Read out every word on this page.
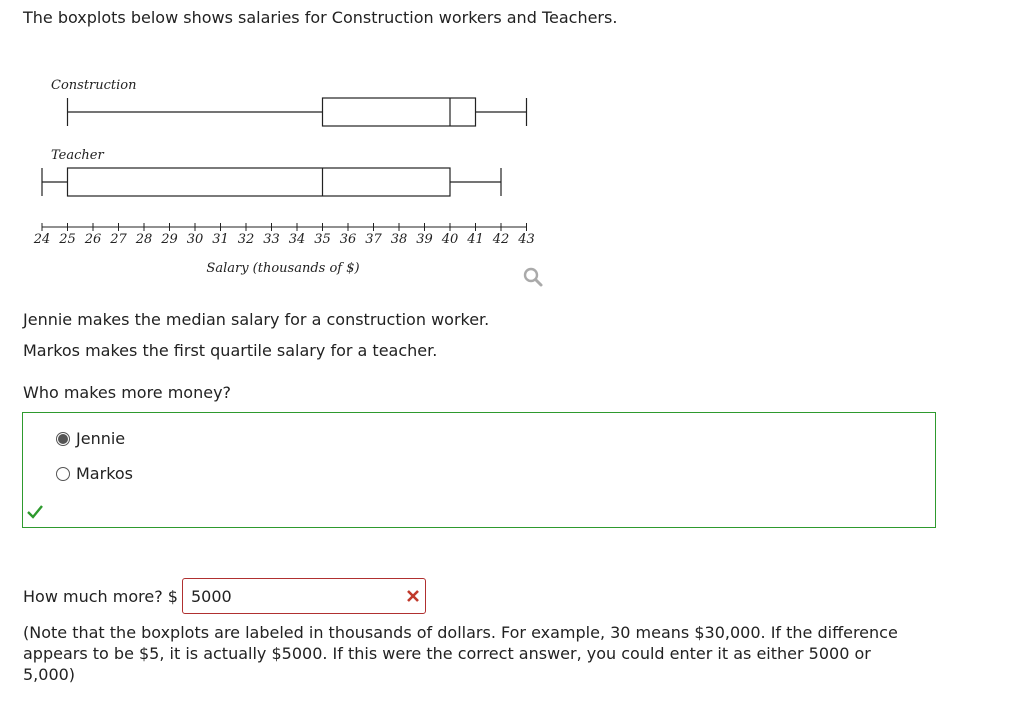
The boxplots below shows salaries for Construction workers and Teachers.
Construction
Teacher
24 25 26 27 28 29 30 31 32 33 34 35 36 37 38 39 40 41 42 43
Salary (thousands of $)
Jennie makes the median salary for a construction worker.
Markos makes the first quartile salary for a teacher.
Who makes more money?
Jennie
Markos
How much more? $
5000
(Note that the boxplots are labeled in thousands of dollars. For example, 30 means $30,000. If the difference appears to be $5, it is actually $5000. If this were the correct answer, you could enter it as either 5000 or 5,000)
